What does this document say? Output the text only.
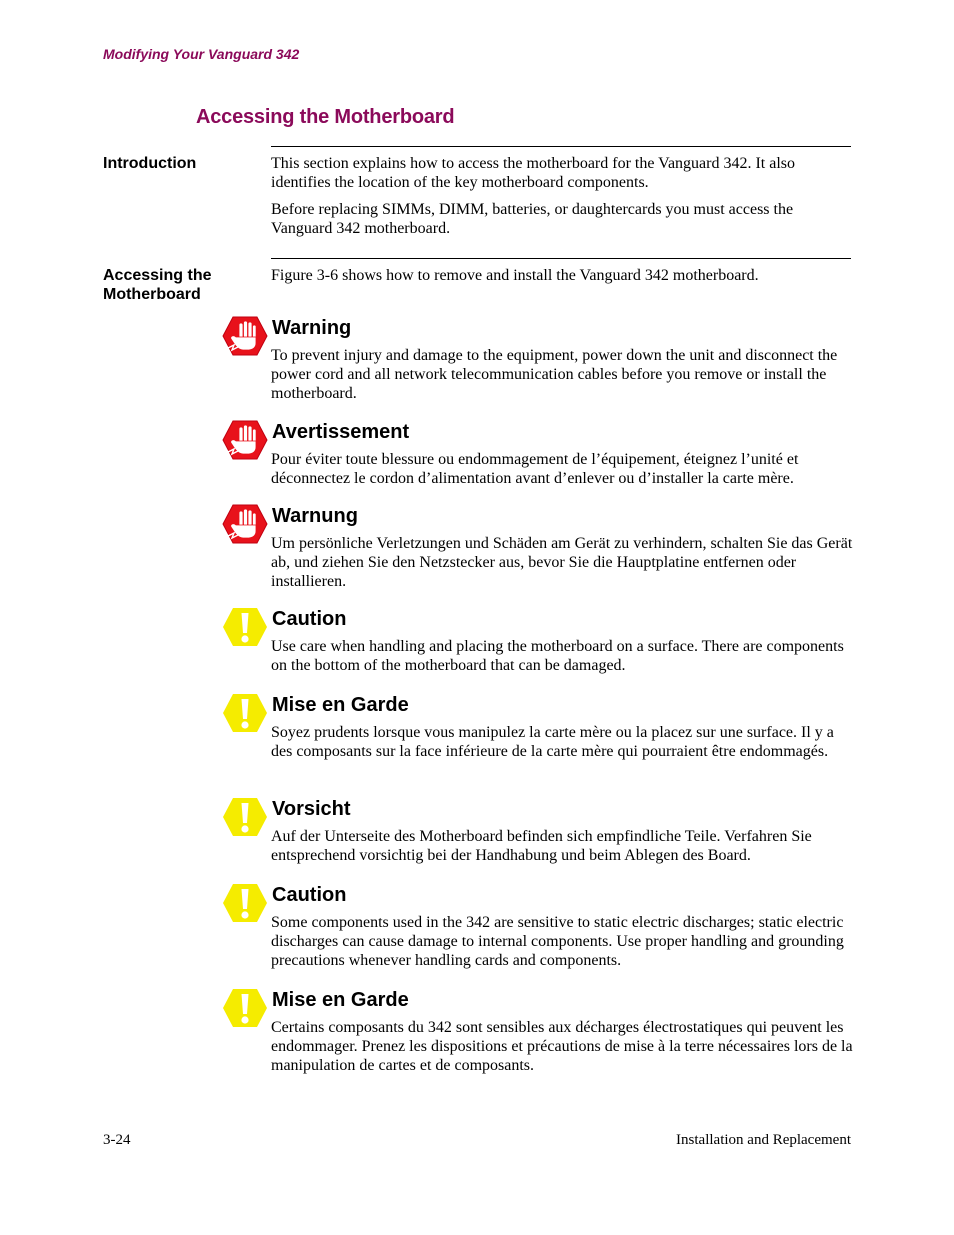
Modifying Your Vanguard 342
Accessing the Motherboard
Introduction	This section explains how to access the motherboard for the Vanguard 342. It also identifies the location of the key motherboard components.

Before replacing SIMMs, DIMM, batteries, or daughtercards you must access the Vanguard 342 motherboard.

Accessing the
Motherboard
Figure 3-6 shows how to remove and install the Vanguard 342 motherboard.
Warning
To prevent injury and damage to the equipment, power down the unit and disconnect the power cord and all network telecommunication cables before you remove or install the motherboard.
Avertissement
Pour éviter toute blessure ou endommagement de l’équipement, éteignez l’unité et déconnectez le cordon d’alimentation avant d’enlever ou d’installer la carte mère.
Warnung
Um persönliche Verletzungen und Schäden am Gerät zu verhindern, schalten Sie das Gerät ab, und ziehen Sie den Netzstecker aus, bevor Sie die Hauptplatine entfernen oder installieren.
Caution
Use care when handling and placing the motherboard on a surface. There are components on the bottom of the motherboard that can be damaged.
Mise en Garde
Soyez prudents lorsque vous manipulez la carte mère ou la placez sur une surface. Il y a des composants sur la face inférieure de la carte mère qui pourraient être endommagés.
Vorsicht
Auf der Unterseite des Motherboard befinden sich empfindliche Teile. Verfahren Sie entsprechend vorsichtig bei der Handhabung und beim Ablegen des Board.
Caution
Some components used in the 342 are sensitive to static electric discharges; static electric discharges can cause damage to internal components. Use proper handling and grounding precautions whenever handling cards and components.
Mise en Garde
Certains composants du 342 sont sensibles aux décharges électrostatiques qui peuvent les endommager. Prenez les dispositions et précautions de mise à la terre nécessaires lors de la manipulation de cartes et de composants.
3-24	Installation and Replacement
